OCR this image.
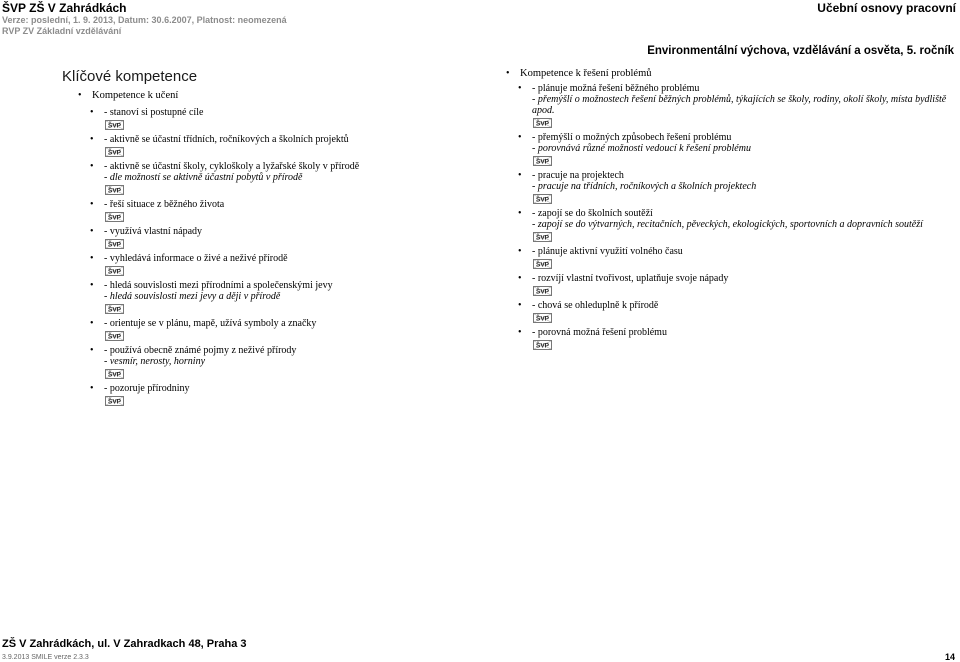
ŠVP ZŠ V Zahrádkách
Verze: poslední, 1. 9. 2013, Datum: 30.6.2007, Platnost: neomezená
RVP ZV Základní vzdělávání
Učební osnovy pracovní
Environmentální výchova, vzdělávání a osvěta, 5. ročník
Klíčové kompetence
• Kompetence k učení
• - stanoví si postupné cíle
ŠVP
• - aktivně se účastní třídních, ročníkových a školních projektů
ŠVP
• - aktivně se účastní školy, cykloškoly a lyžařské školy v přírodě
- dle možností se aktivně účastní pobytů v přírodě
ŠVP
• - řeší situace z běžného života
ŠVP
• - využívá vlastní nápady
ŠVP
• - vyhledává informace o živé a neživé přírodě
ŠVP
• - hledá souvislosti mezi přírodními a společenskými jevy
- hledá souvislosti mezi jevy a ději v přírodě
ŠVP
• - orientuje se v plánu, mapě, užívá symboly a značky
ŠVP
• - používá obecně známé pojmy z neživé přírody
- vesmír, nerosty, horniny
ŠVP
• - pozoruje přírodniny
ŠVP
• Kompetence k řešení problémů
• - plánuje možná řešení běžného problému
- přemýšlí o možnostech řešení běžných problémů, týkajících se školy, rodiny, okolí školy, místa bydliště apod.
ŠVP
• - přemýšlí o možných způsobech řešení problému
- porovnává různé možnosti vedoucí k řešení problému
ŠVP
• - pracuje na projektech
- pracuje na třídních, ročníkových a školních projektech
ŠVP
• - zapojí se do školních soutěží
- zapojí se do výtvarných, recitačních, pěveckých, ekologických, sportovních a dopravních soutěží
ŠVP
• - plánuje aktivní využití volného času
ŠVP
• - rozvíjí vlastní tvořivost, uplatňuje svoje nápady
ŠVP
• - chová se ohleduplně k přírodě
ŠVP
• - porovná možná řešení problému
ŠVP
ZŠ V Zahrádkách, ul. V Zahradkach 48, Praha 3
3.9.2013 SMILE verze 2.3.3	14
